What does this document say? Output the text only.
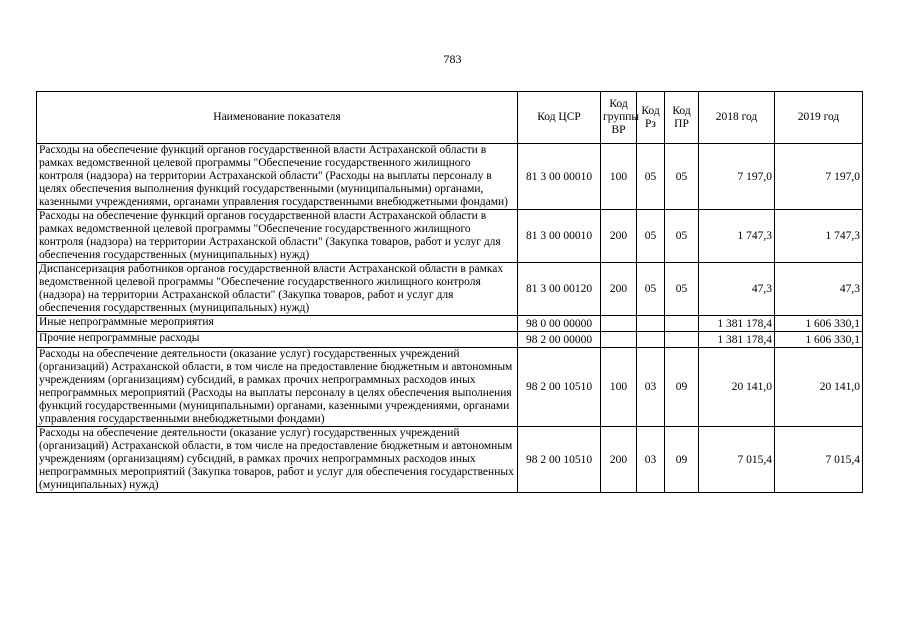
783
Наименование показателя	Код ЦСР	Код группы ВР	Код Рз	Код ПР	2018 год	2019 год
Расходы на обеспечение функций органов государственной власти Астраханской области в рамках ведомственной целевой программы "Обеспечение государственного жилищного контроля (надзора) на территории Астраханской области" (Расходы на выплаты персоналу в целях обеспечения выполнения функций государственными (муниципальными) органами, казенными учреждениями, органами управления государственными внебюджетными фондами)	81 3 00 00010	100	05	05	7 197,0	7 197,0
Расходы на обеспечение функций органов государственной власти Астраханской области в рамках ведомственной целевой программы "Обеспечение государственного жилищного контроля (надзора) на территории Астраханской области" (Закупка товаров, работ и услуг для обеспечения государственных (муниципальных) нужд)	81 3 00 00010	200	05	05	1 747,3	1 747,3
Диспансеризация работников органов государственной власти Астраханской области в рамках ведомственной целевой программы "Обеспечение государственного жилищного контроля (надзора) на территории Астраханской области" (Закупка товаров, работ и услуг для обеспечения государственных (муниципальных) нужд)	81 3 00 00120	200	05	05	47,3	47,3
Иные непрограммные мероприятия	98 0 00 00000				1 381 178,4	1 606 330,1
Прочие непрограммные расходы	98 2 00 00000				1 381 178,4	1 606 330,1
Расходы на обеспечение деятельности (оказание услуг) государственных учреждений (организаций) Астраханской области, в том числе на предоставление бюджетным и автономным учреждениям (организациям) субсидий, в рамках прочих непрограммных расходов иных непрограммных мероприятий (Расходы на выплаты персоналу в целях обеспечения выполнения функций государственными (муниципальными) органами, казенными учреждениями, органами управления государственными внебюджетными фондами)	98 2 00 10510	100	03	09	20 141,0	20 141,0
Расходы на обеспечение деятельности (оказание услуг) государственных учреждений (организаций) Астраханской области, в том числе на предоставление бюджетным и автономным учреждениям (организациям) субсидий, в рамках прочих непрограммных расходов иных непрограммных мероприятий (Закупка товаров, работ и услуг для обеспечения государственных (муниципальных) нужд)	98 2 00 10510	200	03	09	7 015,4	7 015,4
